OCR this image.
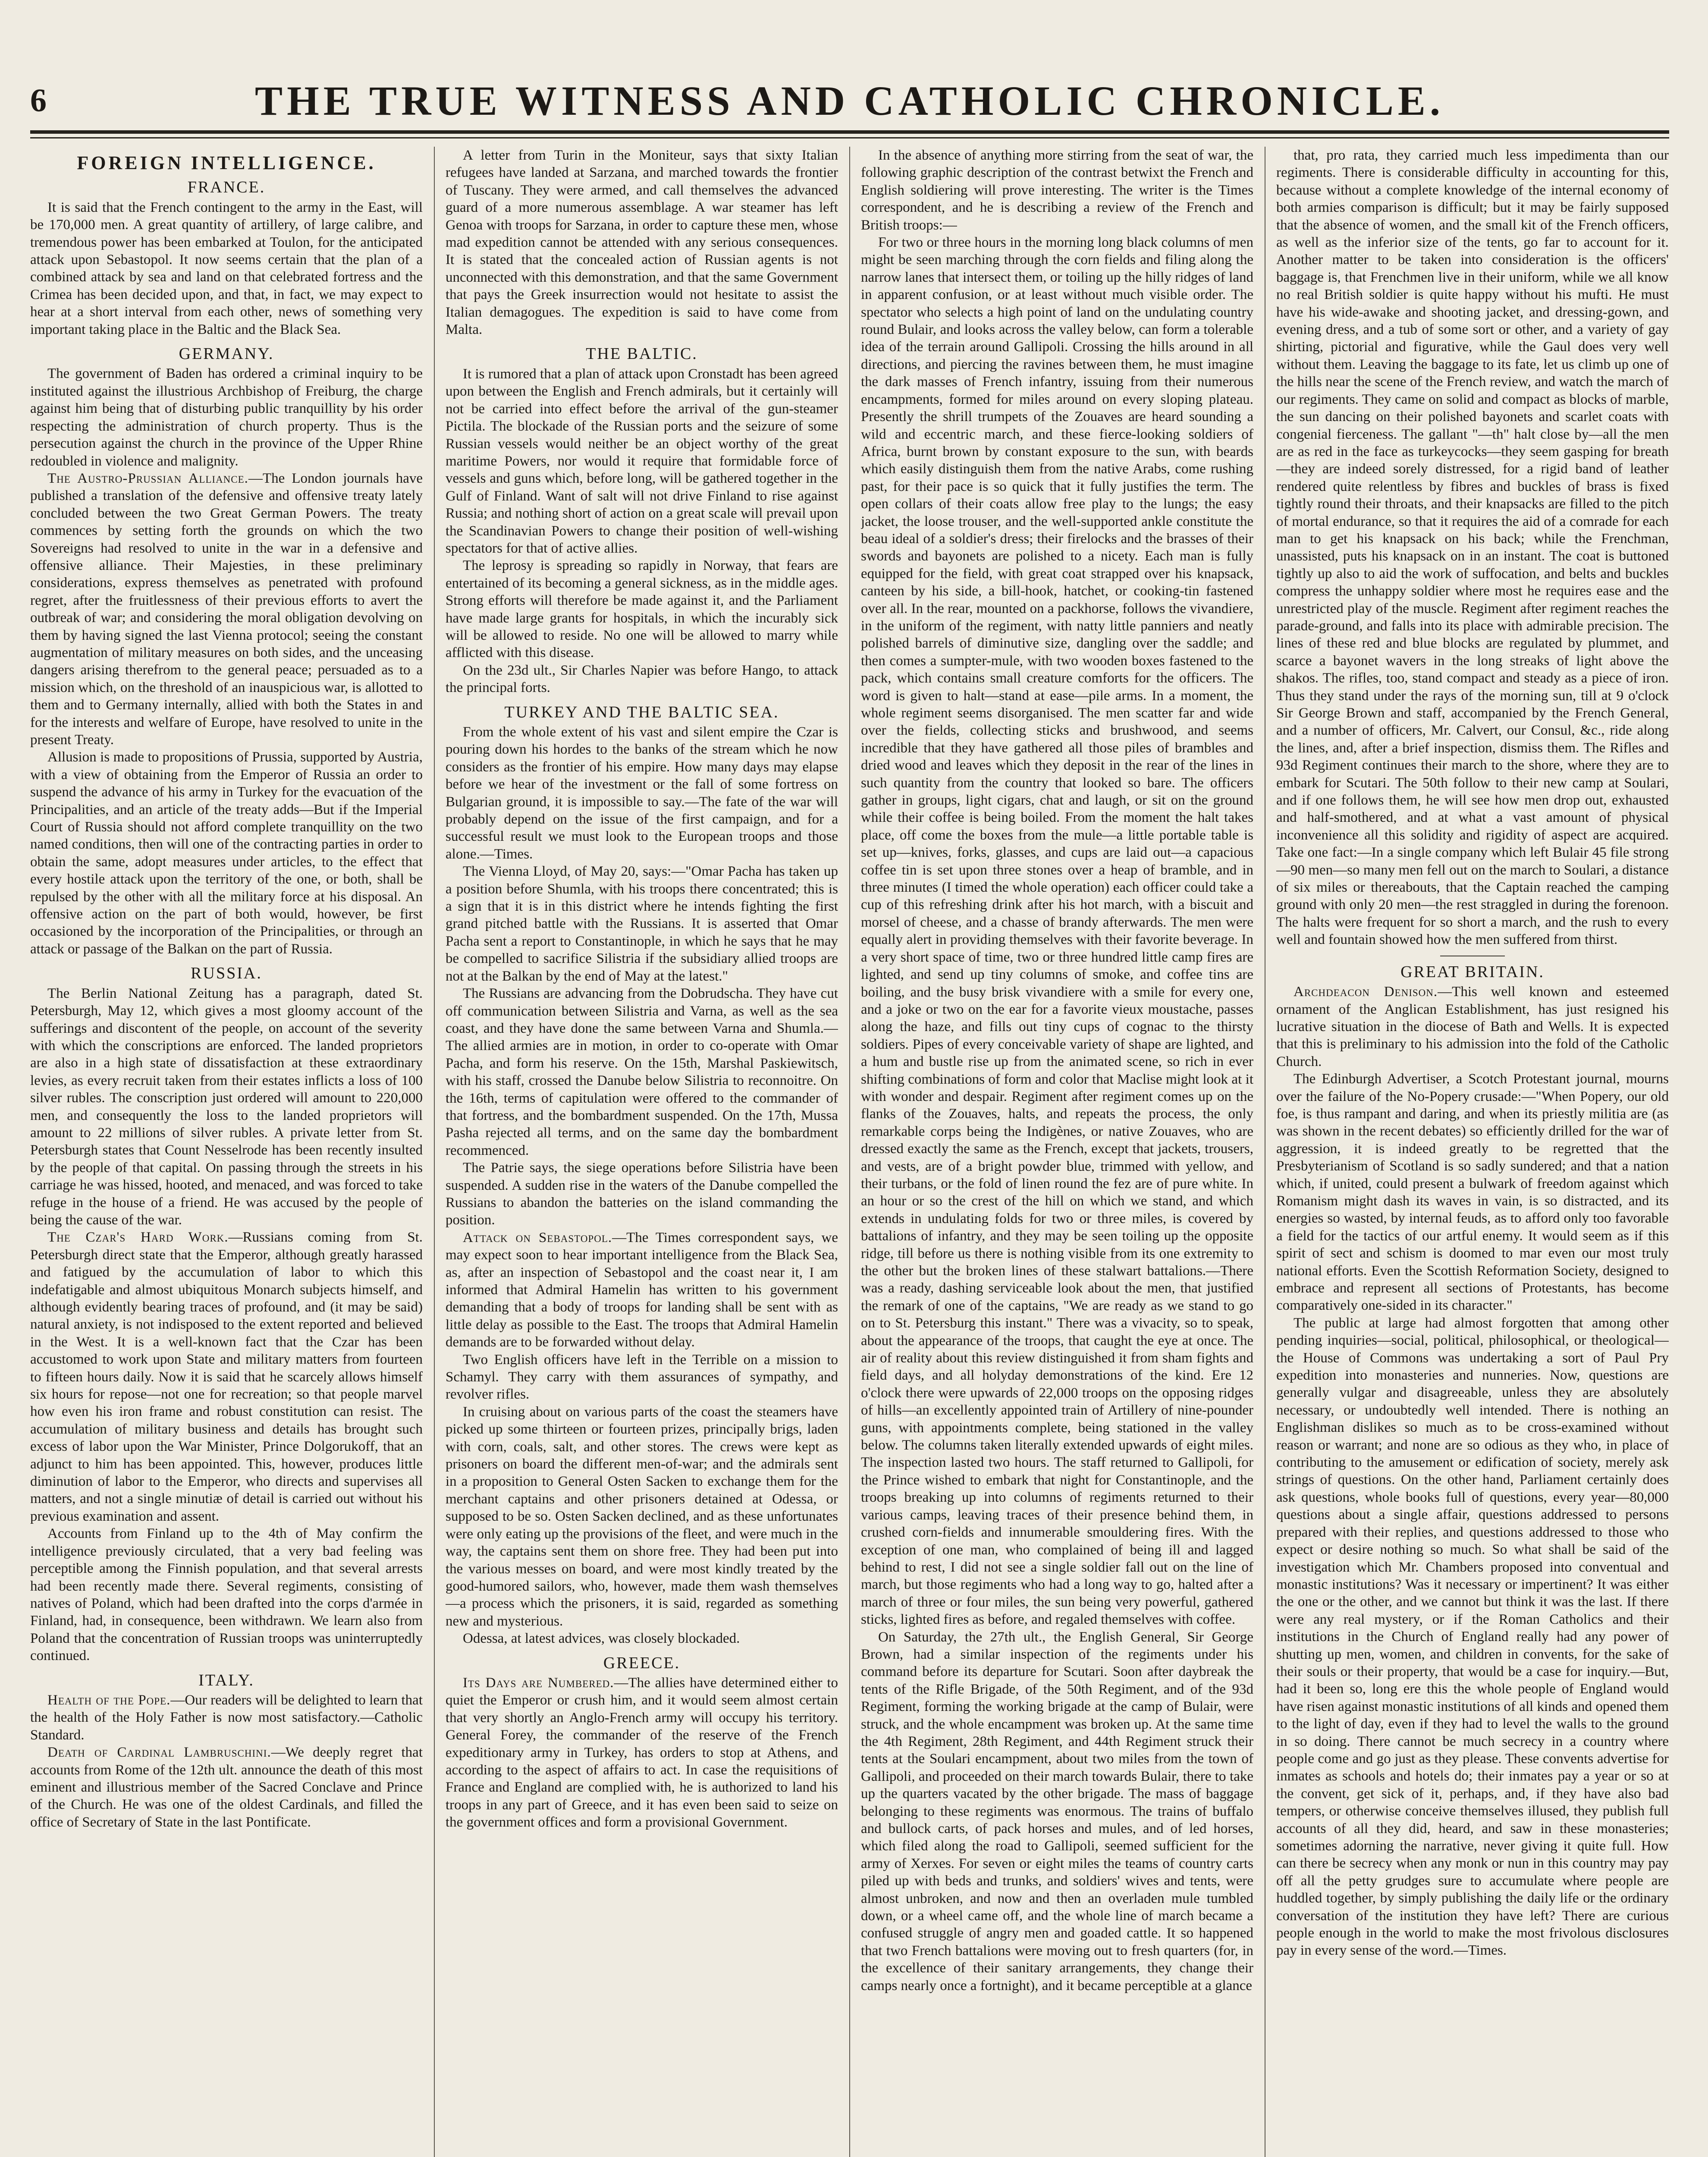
6	THE TRUE WITNESS AND CATHOLIC CHRONICLE.
FOREIGN INTELLIGENCE.
FRANCE.

It is said that the French contingent to the army in the East, will be 170,000 men. A great quantity of artillery, of large calibre, and tremendous power has been embarked at Toulon, for the anticipated attack upon Sebastopol. It now seems certain that the plan of a combined attack by sea and land on that celebrated fortress and the Crimea has been decided upon, and that, in fact, we may expect to hear at a short interval from each other, news of something very important taking place in the Baltic and the Black Sea.

GERMANY.

The government of Baden has ordered a criminal inquiry to be instituted against the illustrious Archbishop of Freiburg, the charge against him being that of disturbing public tranquillity by his order respecting the administration of church property. Thus is the persecution against the church in the province of the Upper Rhine redoubled in violence and malignity.

The Austro-Prussian Alliance.—The London journals have published a translation of the defensive and offensive treaty lately concluded between the two Great German Powers. The treaty commences by setting forth the grounds on which the two Sovereigns had resolved to unite in the war in a defensive and offensive alliance. Their Majesties, in these preliminary considerations, express themselves as penetrated with profound regret, after the fruitlessness of their previous efforts to avert the outbreak of war; and considering the moral obligation devolving on them by having signed the last Vienna protocol; seeing the constant augmentation of military measures on both sides, and the unceasing dangers arising therefrom to the general peace; persuaded as to a mission which, on the threshold of an inauspicious war, is allotted to them and to Germany internally, allied with both the States in and for the interests and welfare of Europe, have resolved to unite in the present Treaty.

Allusion is made to propositions of Prussia, supported by Austria, with a view of obtaining from the Emperor of Russia an order to suspend the advance of his army in Turkey for the evacuation of the Principalities, and an article of the treaty adds—But if the Imperial Court of Russia should not afford complete tranquillity on the two named conditions, then will one of the contracting parties in order to obtain the same, adopt measures under articles, to the effect that every hostile attack upon the territory of the one, or both, shall be repulsed by the other with all the military force at his disposal. An offensive action on the part of both would, however, be first occasioned by the incorporation of the Principalities, or through an attack or passage of the Balkan on the part of Russia.

RUSSIA.

The Berlin National Zeitung has a paragraph, dated St. Petersburgh, May 12, which gives a most gloomy account of the sufferings and discontent of the people, on account of the severity with which the conscriptions are enforced. The landed proprietors are also in a high state of dissatisfaction at these extraordinary levies, as every recruit taken from their estates inflicts a loss of 100 silver rubles. The conscription just ordered will amount to 220,000 men, and consequently the loss to the landed proprietors will amount to 22 millions of silver rubles. A private letter from St. Petersburgh states that Count Nesselrode has been recently insulted by the people of that capital. On passing through the streets in his carriage he was hissed, hooted, and menaced, and was forced to take refuge in the house of a friend. He was accused by the people of being the cause of the war.

The Czar's Hard Work.—Russians coming from St. Petersburgh direct state that the Emperor, although greatly harassed and fatigued by the accumulation of labor to which this indefatigable and almost ubiquitous Monarch subjects himself, and although evidently bearing traces of profound, and (it may be said) natural anxiety, is not indisposed to the extent reported and believed in the West. It is a well-known fact that the Czar has been accustomed to work upon State and military matters from fourteen to fifteen hours daily. Now it is said that he scarcely allows himself six hours for repose—not one for recreation; so that people marvel how even his iron frame and robust constitution can resist. The accumulation of military business and details has brought such excess of labor upon the War Minister, Prince Dolgorukoff, that an adjunct to him has been appointed. This, however, produces little diminution of labor to the Emperor, who directs and supervises all matters, and not a single minutiæ of detail is carried out without his previous examination and assent.

Accounts from Finland up to the 4th of May confirm the intelligence previously circulated, that a very bad feeling was perceptible among the Finnish population, and that several arrests had been recently made there. Several regiments, consisting of natives of Poland, which had been drafted into the corps d'armée in Finland, had, in consequence, been withdrawn. We learn also from Poland that the concentration of Russian troops was uninterruptedly continued.

ITALY.

Health of the Pope.—Our readers will be delighted to learn that the health of the Holy Father is now most satisfactory.—Catholic Standard.

Death of Cardinal Lambruschini.—We deeply regret that accounts from Rome of the 12th ult. announce the death of this most eminent and illustrious member of the Sacred Conclave and Prince of the Church. He was one of the oldest Cardinals, and filled the office of Secretary of State in the last Pontificate.

A letter from Turin in the Moniteur, says that sixty Italian refugees have landed at Sarzana, and marched towards the frontier of Tuscany. They were armed, and call themselves the advanced guard of a more numerous assemblage. A war steamer has left Genoa with troops for Sarzana, in order to capture these men, whose mad expedition cannot be attended with any serious consequences. It is stated that the concealed action of Russian agents is not unconnected with this demonstration, and that the same Government that pays the Greek insurrection would not hesitate to assist the Italian demagogues. The expedition is said to have come from Malta.

THE BALTIC.

It is rumored that a plan of attack upon Cronstadt has been agreed upon between the English and French admirals, but it certainly will not be carried into effect before the arrival of the gun-steamer Pictila. The blockade of the Russian ports and the seizure of some Russian vessels would neither be an object worthy of the great maritime Powers, nor would it require that formidable force of vessels and guns which, before long, will be gathered together in the Gulf of Finland. Want of salt will not drive Finland to rise against Russia; and nothing short of action on a great scale will prevail upon the Scandinavian Powers to change their position of well-wishing spectators for that of active allies.

The leprosy is spreading so rapidly in Norway, that fears are entertained of its becoming a general sickness, as in the middle ages. Strong efforts will therefore be made against it, and the Parliament have made large grants for hospitals, in which the incurably sick will be allowed to reside. No one will be allowed to marry while afflicted with this disease.

On the 23d ult., Sir Charles Napier was before Hango, to attack the principal forts.

TURKEY AND THE BALTIC SEA.

From the whole extent of his vast and silent empire the Czar is pouring down his hordes to the banks of the stream which he now considers as the frontier of his empire. How many days may elapse before we hear of the investment or the fall of some fortress on Bulgarian ground, it is impossible to say.—The fate of the war will probably depend on the issue of the first campaign, and for a successful result we must look to the European troops and those alone.—Times.

The Vienna Lloyd, of May 20, says:—"Omar Pacha has taken up a position before Shumla, with his troops there concentrated; this is a sign that it is in this district where he intends fighting the first grand pitched battle with the Russians. It is asserted that Omar Pacha sent a report to Constantinople, in which he says that he may be compelled to sacrifice Silistria if the subsidiary allied troops are not at the Balkan by the end of May at the latest."

The Russians are advancing from the Dobrudscha. They have cut off communication between Silistria and Varna, as well as the sea coast, and they have done the same between Varna and Shumla.—The allied armies are in motion, in order to co-operate with Omar Pacha, and form his reserve. On the 15th, Marshal Paskiewitsch, with his staff, crossed the Danube below Silistria to reconnoitre. On the 16th, terms of capitulation were offered to the commander of that fortress, and the bombardment suspended. On the 17th, Mussa Pasha rejected all terms, and on the same day the bombardment recommenced.

The Patrie says, the siege operations before Silistria have been suspended. A sudden rise in the waters of the Danube compelled the Russians to abandon the batteries on the island commanding the position.

Attack on Sebastopol.—The Times correspondent says, we may expect soon to hear important intelligence from the Black Sea, as, after an inspection of Sebastopol and the coast near it, I am informed that Admiral Hamelin has written to his government demanding that a body of troops for landing shall be sent with as little delay as possible to the East. The troops that Admiral Hamelin demands are to be forwarded without delay.

Two English officers have left in the Terrible on a mission to Schamyl. They carry with them assurances of sympathy, and revolver rifles.

In cruising about on various parts of the coast the steamers have picked up some thirteen or fourteen prizes, principally brigs, laden with corn, coals, salt, and other stores. The crews were kept as prisoners on board the different men-of-war; and the admirals sent in a proposition to General Osten Sacken to exchange them for the merchant captains and other prisoners detained at Odessa, or supposed to be so. Osten Sacken declined, and as these unfortunates were only eating up the provisions of the fleet, and were much in the way, the captains sent them on shore free. They had been put into the various messes on board, and were most kindly treated by the good-humored sailors, who, however, made them wash themselves—a process which the prisoners, it is said, regarded as something new and mysterious.

Odessa, at latest advices, was closely blockaded.

GREECE.

Its Days are Numbered.—The allies have determined either to quiet the Emperor or crush him, and it would seem almost certain that very shortly an Anglo-French army will occupy his territory. General Forey, the commander of the reserve of the French expeditionary army in Turkey, has orders to stop at Athens, and according to the aspect of affairs to act. In case the requisitions of France and England are complied with, he is authorized to land his troops in any part of Greece, and it has even been said to seize on the government offices and form a provisional Government.

In the absence of anything more stirring from the seat of war, the following graphic description of the contrast betwixt the French and English soldiering will prove interesting. The writer is the Times correspondent, and he is describing a review of the French and British troops:—

For two or three hours in the morning long black columns of men might be seen marching through the corn fields and filing along the narrow lanes that intersect them, or toiling up the hilly ridges of land in apparent confusion, or at least without much visible order. The spectator who selects a high point of land on the undulating country round Bulair, and looks across the valley below, can form a tolerable idea of the terrain around Gallipoli. Crossing the hills around in all directions, and piercing the ravines between them, he must imagine the dark masses of French infantry, issuing from their numerous encampments, formed for miles around on every sloping plateau. Presently the shrill trumpets of the Zouaves are heard sounding a wild and eccentric march, and these fierce-looking soldiers of Africa, burnt brown by constant exposure to the sun, with beards which easily distinguish them from the native Arabs, come rushing past, for their pace is so quick that it fully justifies the term. The open collars of their coats allow free play to the lungs; the easy jacket, the loose trouser, and the well-supported ankle constitute the beau ideal of a soldier's dress; their firelocks and the brasses of their swords and bayonets are polished to a nicety. Each man is fully equipped for the field, with great coat strapped over his knapsack, canteen by his side, a bill-hook, hatchet, or cooking-tin fastened over all. In the rear, mounted on a packhorse, follows the vivandiere, in the uniform of the regiment, with natty little panniers and neatly polished barrels of diminutive size, dangling over the saddle; and then comes a sumpter-mule, with two wooden boxes fastened to the pack, which contains small creature comforts for the officers. The word is given to halt—stand at ease—pile arms. In a moment, the whole regiment seems disorganised. The men scatter far and wide over the fields, collecting sticks and brushwood, and seems incredible that they have gathered all those piles of brambles and dried wood and leaves which they deposit in the rear of the lines in such quantity from the country that looked so bare. The officers gather in groups, light cigars, chat and laugh, or sit on the ground while their coffee is being boiled. From the moment the halt takes place, off come the boxes from the mule—a little portable table is set up—knives, forks, glasses, and cups are laid out—a capacious coffee tin is set upon three stones over a heap of bramble, and in three minutes (I timed the whole operation) each officer could take a cup of this refreshing drink after his hot march, with a biscuit and morsel of cheese, and a chasse of brandy afterwards. The men were equally alert in providing themselves with their favorite beverage. In a very short space of time, two or three hundred little camp fires are lighted, and send up tiny columns of smoke, and coffee tins are boiling, and the busy brisk vivandiere with a smile for every one, and a joke or two on the ear for a favorite vieux moustache, passes along the haze, and fills out tiny cups of cognac to the thirsty soldiers. Pipes of every conceivable variety of shape are lighted, and a hum and bustle rise up from the animated scene, so rich in ever shifting combinations of form and color that Maclise might look at it with wonder and despair. Regiment after regiment comes up on the flanks of the Zouaves, halts, and repeats the process, the only remarkable corps being the Indigènes, or native Zouaves, who are dressed exactly the same as the French, except that jackets, trousers, and vests, are of a bright powder blue, trimmed with yellow, and their turbans, or the fold of linen round the fez are of pure white. In an hour or so the crest of the hill on which we stand, and which extends in undulating folds for two or three miles, is covered by battalions of infantry, and they may be seen toiling up the opposite ridge, till before us there is nothing visible from its one extremity to the other but the broken lines of these stalwart battalions.—There was a ready, dashing serviceable look about the men, that justified the remark of one of the captains, "We are ready as we stand to go on to St. Petersburg this instant." There was a vivacity, so to speak, about the appearance of the troops, that caught the eye at once. The air of reality about this review distinguished it from sham fights and field days, and all holyday demonstrations of the kind. Ere 12 o'clock there were upwards of 22,000 troops on the opposing ridges of hills—an excellently appointed train of Artillery of nine-pounder guns, with appointments complete, being stationed in the valley below. The columns taken literally extended upwards of eight miles. The inspection lasted two hours. The staff returned to Gallipoli, for the Prince wished to embark that night for Constantinople, and the troops breaking up into columns of regiments returned to their various camps, leaving traces of their presence behind them, in crushed corn-fields and innumerable smouldering fires. With the exception of one man, who complained of being ill and lagged behind to rest, I did not see a single soldier fall out on the line of march, but those regiments who had a long way to go, halted after a march of three or four miles, the sun being very powerful, gathered sticks, lighted fires as before, and regaled themselves with coffee.

On Saturday, the 27th ult., the English General, Sir George Brown, had a similar inspection of the regiments under his command before its departure for Scutari. Soon after daybreak the tents of the Rifle Brigade, of the 50th Regiment, and of the 93d Regiment, forming the working brigade at the camp of Bulair, were struck, and the whole encampment was broken up. At the same time the 4th Regiment, 28th Regiment, and 44th Regiment struck their tents at the Soulari encampment, about two miles from the town of Gallipoli, and proceeded on their march towards Bulair, there to take up the quarters vacated by the other brigade. The mass of baggage belonging to these regiments was enormous. The trains of buffalo and bullock carts, of pack horses and mules, and of led horses, which filed along the road to Gallipoli, seemed sufficient for the army of Xerxes. For seven or eight miles the teams of country carts piled up with beds and trunks, and soldiers' wives and tents, were almost unbroken, and now and then an overladen mule tumbled down, or a wheel came off, and the whole line of march became a confused struggle of angry men and goaded cattle. It so happened that two French battalions were moving out to fresh quarters (for, in the excellence of their sanitary arrangements, they change their camps nearly once a fortnight), and it became perceptible at a glance

that, pro rata, they carried much less impedimenta than our regiments. There is considerable difficulty in accounting for this, because without a complete knowledge of the internal economy of both armies comparison is difficult; but it may be fairly supposed that the absence of women, and the small kit of the French officers, as well as the inferior size of the tents, go far to account for it. Another matter to be taken into consideration is the officers' baggage is, that Frenchmen live in their uniform, while we all know no real British soldier is quite happy without his mufti. He must have his wide-awake and shooting jacket, and dressing-gown, and evening dress, and a tub of some sort or other, and a variety of gay shirting, pictorial and figurative, while the Gaul does very well without them. Leaving the baggage to its fate, let us climb up one of the hills near the scene of the French review, and watch the march of our regiments. They came on solid and compact as blocks of marble, the sun dancing on their polished bayonets and scarlet coats with congenial fierceness. The gallant "—th" halt close by—all the men are as red in the face as turkeycocks—they seem gasping for breath—they are indeed sorely distressed, for a rigid band of leather rendered quite relentless by fibres and buckles of brass is fixed tightly round their throats, and their knapsacks are filled to the pitch of mortal endurance, so that it requires the aid of a comrade for each man to get his knapsack on his back; while the Frenchman, unassisted, puts his knapsack on in an instant. The coat is buttoned tightly up also to aid the work of suffocation, and belts and buckles compress the unhappy soldier where most he requires ease and the unrestricted play of the muscle. Regiment after regiment reaches the parade-ground, and falls into its place with admirable precision. The lines of these red and blue blocks are regulated by plummet, and scarce a bayonet wavers in the long streaks of light above the shakos. The rifles, too, stand compact and steady as a piece of iron. Thus they stand under the rays of the morning sun, till at 9 o'clock Sir George Brown and staff, accompanied by the French General, and a number of officers, Mr. Calvert, our Consul, &c., ride along the lines, and, after a brief inspection, dismiss them. The Rifles and 93d Regiment continues their march to the shore, where they are to embark for Scutari. The 50th follow to their new camp at Soulari, and if one follows them, he will see how men drop out, exhausted and half-smothered, and at what a vast amount of physical inconvenience all this solidity and rigidity of aspect are acquired. Take one fact:—In a single company which left Bulair 45 file strong—90 men—so many men fell out on the march to Soulari, a distance of six miles or thereabouts, that the Captain reached the camping ground with only 20 men—the rest straggled in during the forenoon. The halts were frequent for so short a march, and the rush to every well and fountain showed how the men suffered from thirst.

GREAT BRITAIN.

Archdeacon Denison.—This well known and esteemed ornament of the Anglican Establishment, has just resigned his lucrative situation in the diocese of Bath and Wells. It is expected that this is preliminary to his admission into the fold of the Catholic Church.

The Edinburgh Advertiser, a Scotch Protestant journal, mourns over the failure of the No-Popery crusade:—"When Popery, our old foe, is thus rampant and daring, and when its priestly militia are (as was shown in the recent debates) so efficiently drilled for the war of aggression, it is indeed greatly to be regretted that the Presbyterianism of Scotland is so sadly sundered; and that a nation which, if united, could present a bulwark of freedom against which Romanism might dash its waves in vain, is so distracted, and its energies so wasted, by internal feuds, as to afford only too favorable a field for the tactics of our artful enemy. It would seem as if this spirit of sect and schism is doomed to mar even our most truly national efforts. Even the Scottish Reformation Society, designed to embrace and represent all sections of Protestants, has become comparatively one-sided in its character."

The public at large had almost forgotten that among other pending inquiries—social, political, philosophical, or theological—the House of Commons was undertaking a sort of Paul Pry expedition into monasteries and nunneries. Now, questions are generally vulgar and disagreeable, unless they are absolutely necessary, or undoubtedly well intended. There is nothing an Englishman dislikes so much as to be cross-examined without reason or warrant; and none are so odious as they who, in place of contributing to the amusement or edification of society, merely ask strings of questions. On the other hand, Parliament certainly does ask questions, whole books full of questions, every year—80,000 questions about a single affair, questions addressed to persons prepared with their replies, and questions addressed to those who expect or desire nothing so much. So what shall be said of the investigation which Mr. Chambers proposed into conventual and monastic institutions? Was it necessary or impertinent? It was either the one or the other, and we cannot but think it was the last. If there were any real mystery, or if the Roman Catholics and their institutions in the Church of England really had any power of shutting up men, women, and children in convents, for the sake of their souls or their property, that would be a case for inquiry.—But, had it been so, long ere this the whole people of England would have risen against monastic institutions of all kinds and opened them to the light of day, even if they had to level the walls to the ground in so doing. There cannot be much secrecy in a country where people come and go just as they please. These convents advertise for inmates as schools and hotels do; their inmates pay a year or so at the convent, get sick of it, perhaps, and, if they have also bad tempers, or otherwise conceive themselves illused, they publish full accounts of all they did, heard, and saw in these monasteries; sometimes adorning the narrative, never giving it quite full. How can there be secrecy when any monk or nun in this country may pay off all the petty grudges sure to accumulate where people are huddled together, by simply publishing the daily life or the ordinary conversation of the institution they have left? There are curious people enough in the world to make the most frivolous disclosures pay in every sense of the word.—Times.
